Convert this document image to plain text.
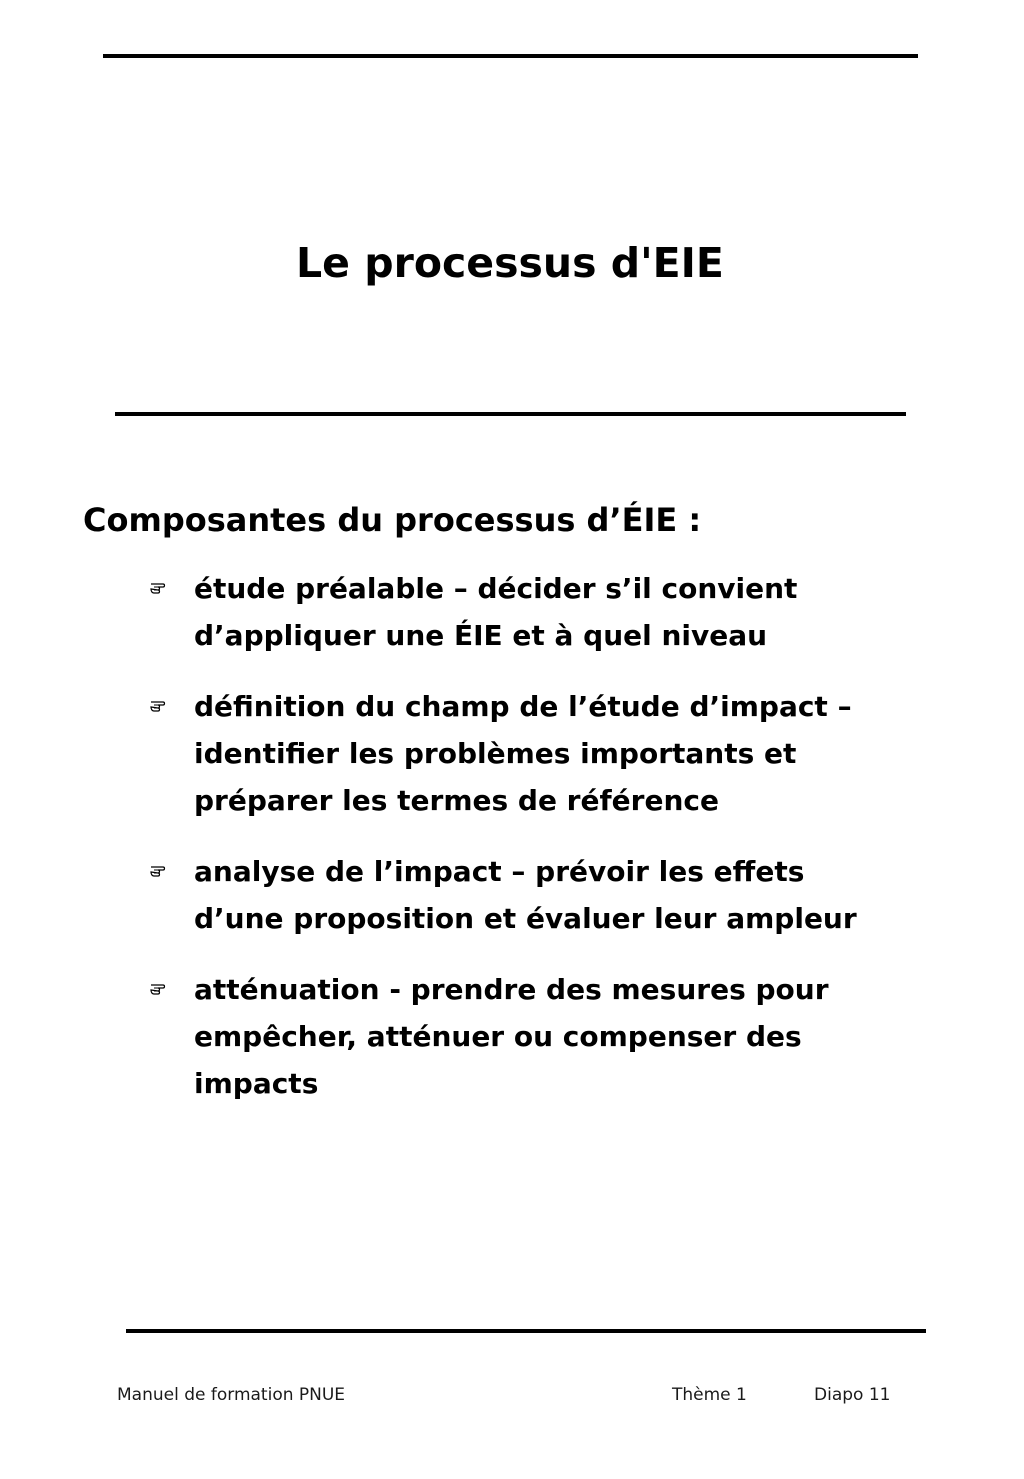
Le processus d'EIE
Composantes du processus d’ÉIE :
étude préalable – décider s’il convient d’appliquer une ÉIE et à quel niveau
définition du champ de l’étude d’impact – identifier les problèmes importants et préparer les termes de référence
analyse de l’impact – prévoir les effets d’une proposition et évaluer leur ampleur
atténuation - prendre des mesures pour empêcher, atténuer ou compenser des impacts
Manuel de formation PNUE	Thème 1	Diapo 11
